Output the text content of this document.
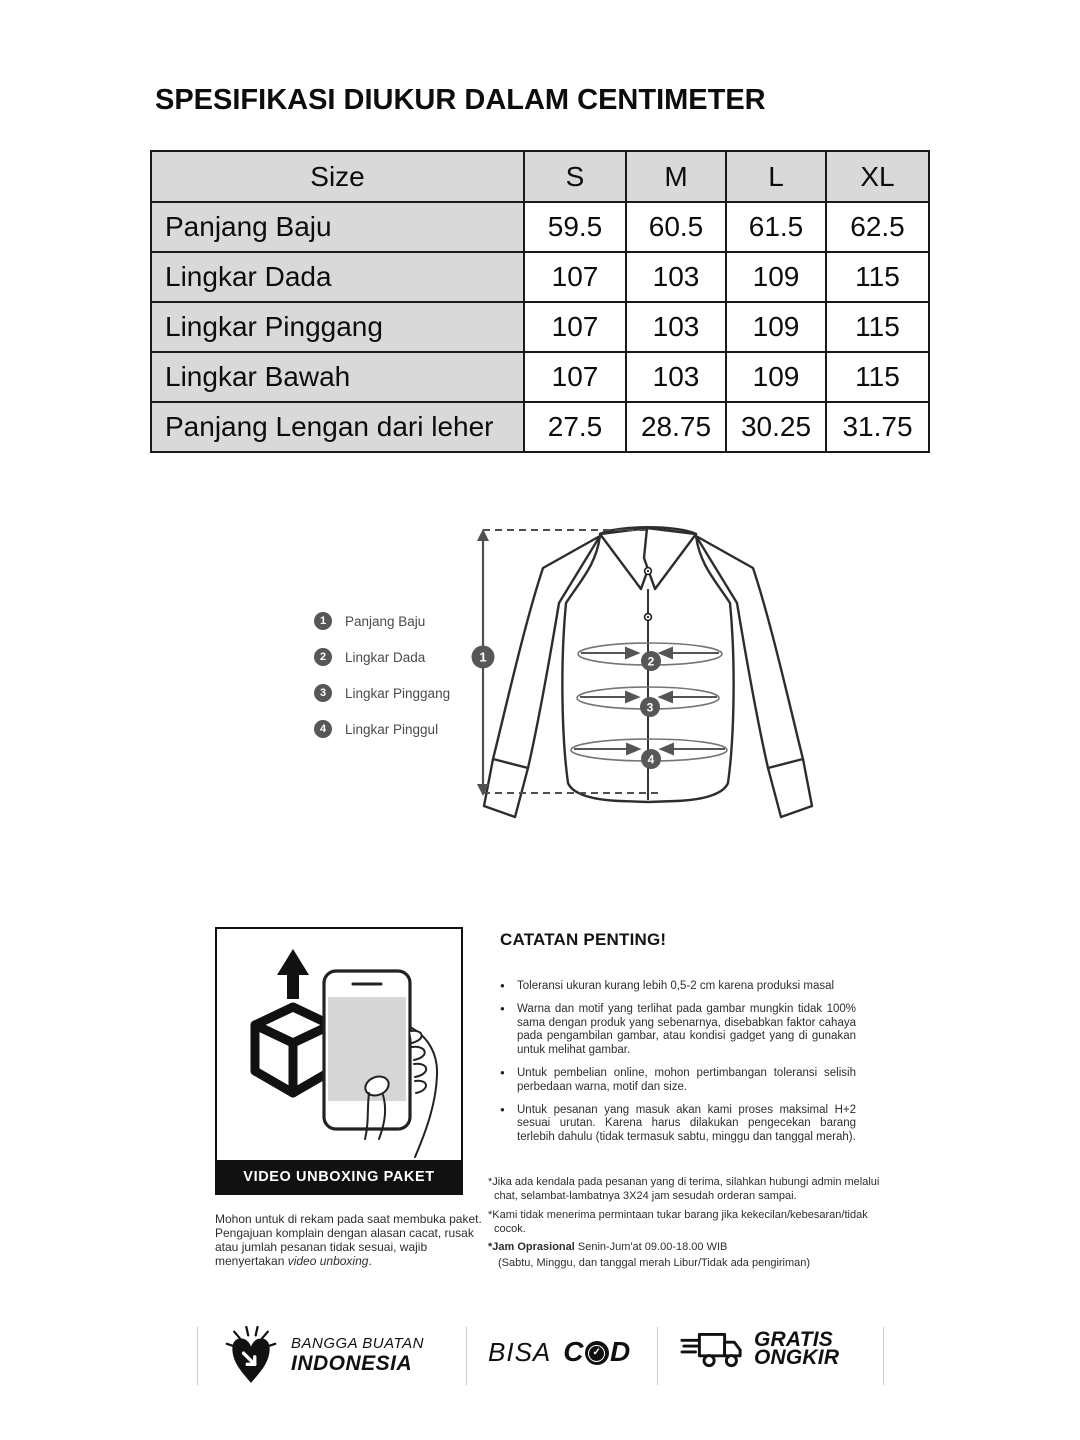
SPESIFIKASI DIUKUR DALAM CENTIMETER
Size	S	M	L	XL
Panjang Baju	59.5	60.5	61.5	62.5
Lingkar Dada	107	103	109	115
Lingkar Pinggang	107	103	109	115
Lingkar Bawah	107	103	109	115
Panjang Lengan dari leher	27.5	28.75	30.25	31.75
1	2
3
4
1	Panjang Baju
2	Lingkar Dada
3	Lingkar Pinggang
4	Lingkar Pinggul
VIDEO UNBOXING PAKET

Mohon untuk di rekam pada saat membuka paket. Pengajuan komplain dengan alasan cacat, rusak atau jumlah pesanan tidak sesuai, wajib menyertakan video unboxing.

CATATAN PENTING!
● Toleransi ukuran kurang lebih 0,5-2 cm karena produksi masal
● Warna dan motif yang terlihat pada gambar mungkin tidak 100% sama dengan produk yang sebenarnya, disebabkan faktor cahaya pada pengambilan gambar, atau kondisi gadget yang di gunakan untuk melihat gambar.
● Untuk pembelian online, mohon pertimbangan toleransi selisih perbedaan warna, motif dan size.
● Untuk pesanan yang masuk akan kami proses maksimal H+2 sesuai urutan. Karena harus dilakukan pengecekan barang terlebih dahulu (tidak termasuk sabtu, minggu dan tanggal merah).

*Jika ada kendala pada pesanan yang di terima, silahkan hubungi admin melalui chat, selambat-lambatnya 3X24 jam sesudah orderan sampai.

*Kami tidak menerima permintaan tukar barang jika kekecilan/kebesaran/tidak cocok.

*Jam Oprasional Senin-Jum'at 09.00-18.00 WIB

(Sabtu, Minggu, dan tanggal merah Libur/Tidak ada pengiriman)

BANGGA BUATAN
INDONESIA	BISA C ✓ D	GRATIS
ONGKIR
